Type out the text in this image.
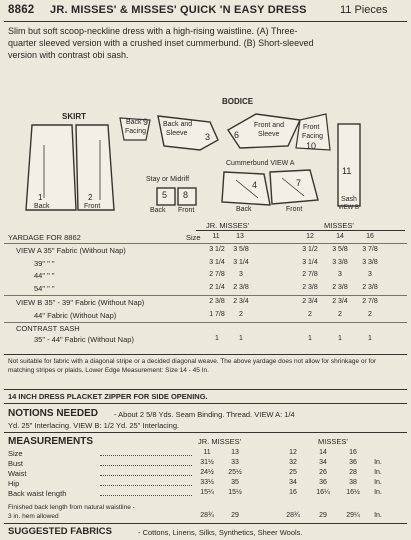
8862 JR. MISSES' & MISSES' QUICK 'N EASY DRESS	11 Pieces
Slim but soft scoop-neckline dress with a high-rising waistline. (A) Three-
quarter sleeved version with a crushed inset cummerbund. (B) Short-sleeved
version with contrast obi sash.
SKIRT
BODICE
1
Back
2
Front
Back 9
Facing
Back and
Sleeve 3	6
Front and
Sleeve
Front
Facing
10
Stay or Midriff
5 8
Back Front
Cummerbund VIEW A
4	7
Back	Front
11
Sash
VIEW B
JR. MISSES'	MISSES'
YARDAGE FOR 8862	Size	11	13	12	14	16
VIEW A 35" Fabric (Without Nap)	3 1/2	3 5/8	3 1/2	3 5/8	3 7/8
39" " "	3 1/4	3 1/4	3 1/4	3 3/8	3 3/8
44" " "	2 7/8	3	2 7/8	3	3
54" " "	2 1/4	2 3/8	2 3/8	2 3/8	2 3/8
VIEW B 35" - 39" Fabric (Without Nap)	2 3/8	2 3/4	2 3/4	2 3/4	2 7/8
44" Fabric (Without Nap)	1 7/8	2	2	2	2
CONTRAST SASH
35" - 44" Fabric (Without Nap)	1	1	1	1	1
Not suitable for fabric with a diagonal stripe or a decided diagonal weave. The above yardage does not allow for shrinkage or for matching stripes or plaids. Lower Edge Measurement: Size 14 - 45 In.
14 INCH DRESS PLACKET ZIPPER FOR SIDE OPENING.
NOTIONS NEEDED - About 2 5/8 Yds. Seam Binding. Thread. VIEW A: 1/4
Yd. 25" Interlacing. VIEW B: 1/2 Yd. 25" Interlacing.
MEASUREMENTS	JR. MISSES'	MISSES'
Size	11	13	12	14	16
Bust	31½	33	32	34	36	In.
Waist	24½	25½	25	26	28	In.
Hip	33½	35	34	36	38	In.
Back waist length	15¼	15½	16	16¼	16½	In.
Finished back length from natural waistline -
3 in. hem allowed	28¾	29	28¾	29	29¼	In.
SUGGESTED FABRICS	- Cottons, Linens, Silks, Synthetics, Sheer Wools.
